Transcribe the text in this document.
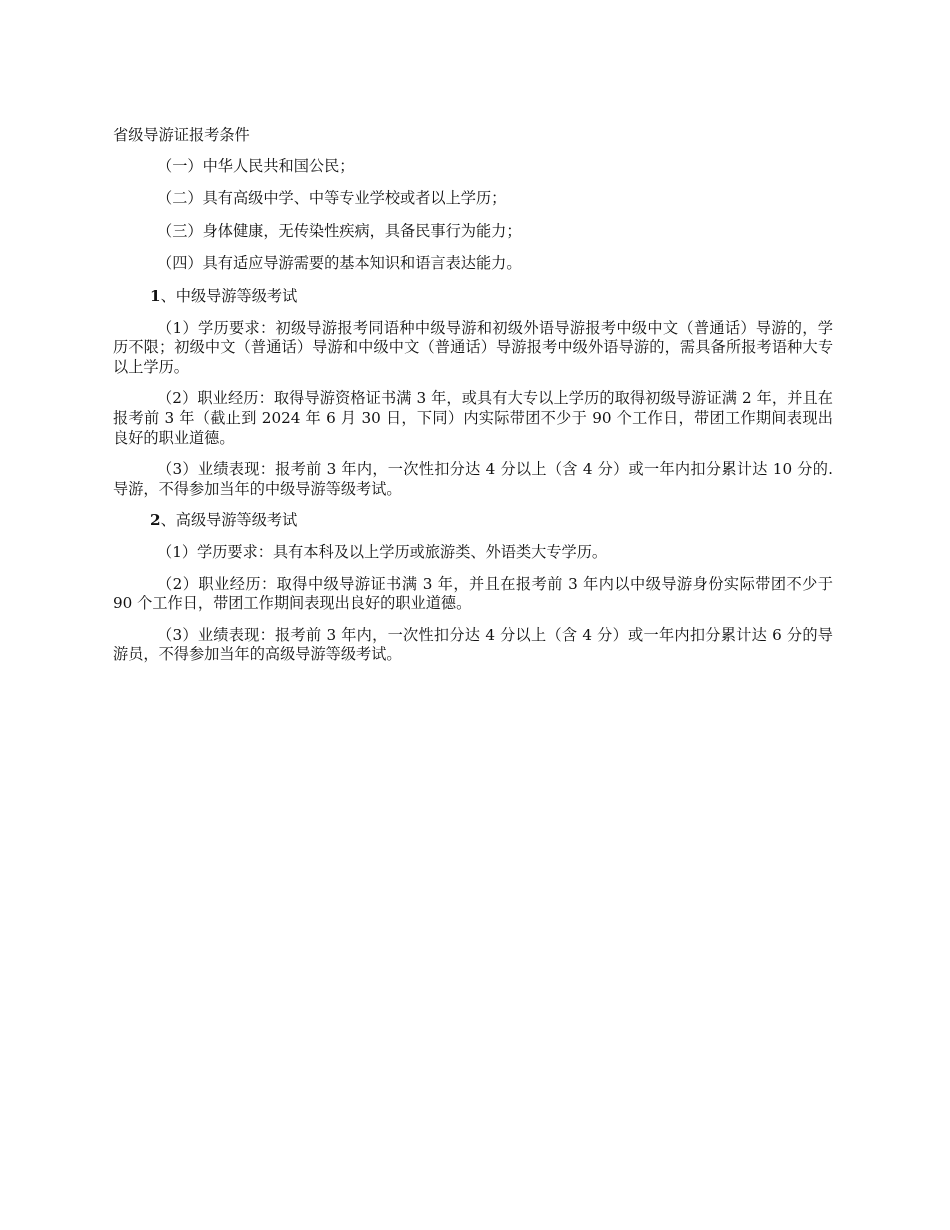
省级导游证报考条件

（一）中华人民共和国公民；

（二）具有高级中学、中等专业学校或者以上学历；

（三）身体健康，无传染性疾病，具备民事行为能力；

（四）具有适应导游需要的基本知识和语言表达能力。

1、中级导游等级考试

（1）学历要求：初级导游报考同语种中级导游和初级外语导游报考中级中文（普通话）导游的，学历不限；初级中文（普通话）导游和中级中文（普通话）导游报考中级外语导游的，需具备所报考语种大专以上学历。

（2）职业经历：取得导游资格证书满 3 年，或具有大专以上学历的取得初级导游证满 2 年，并且在报考前 3 年（截止到 2024 年 6 月 30 日，下同）内实际带团不少于 90 个工作日，带团工作期间表现出良好的职业道德。

（3）业绩表现：报考前 3 年内，一次性扣分达 4 分以上（含 4 分）或一年内扣分累计达 10 分的.导游，不得参加当年的中级导游等级考试。

2、高级导游等级考试

（1）学历要求：具有本科及以上学历或旅游类、外语类大专学历。

（2）职业经历：取得中级导游证书满 3 年，并且在报考前 3 年内以中级导游身份实际带团不少于 90 个工作日，带团工作期间表现出良好的职业道德。

（3）业绩表现：报考前 3 年内，一次性扣分达 4 分以上（含 4 分）或一年内扣分累计达 6 分的导游员，不得参加当年的高级导游等级考试。
